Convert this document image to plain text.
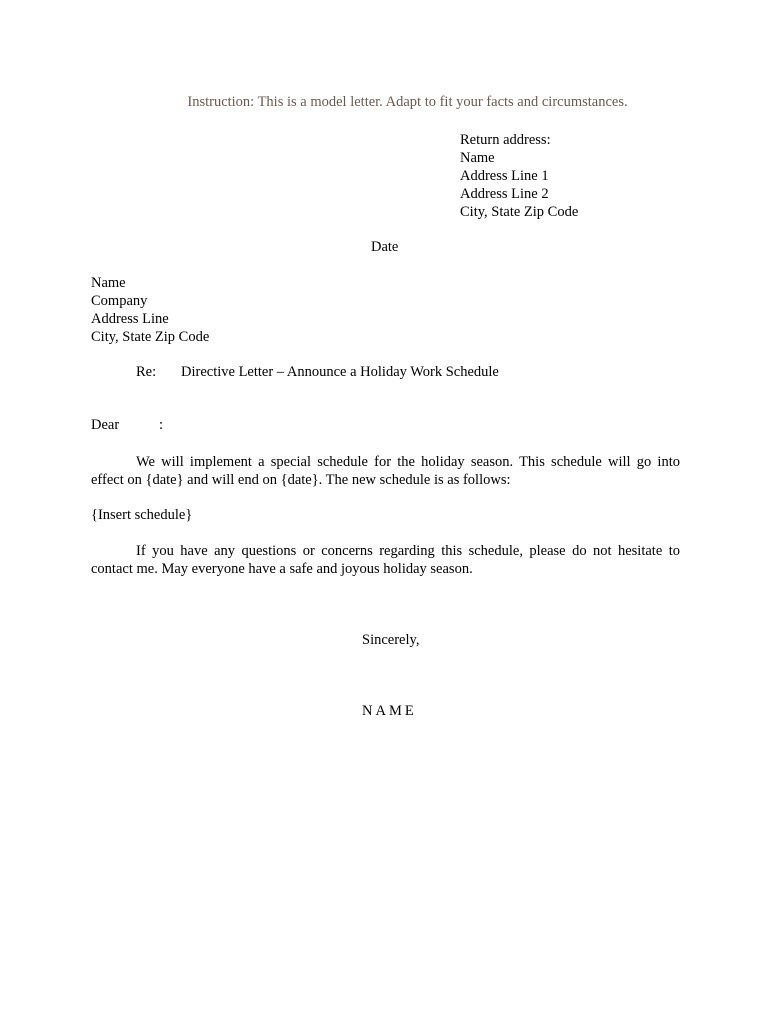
Instruction: This is a model letter. Adapt to fit your facts and circumstances.
Return address:
Name
Address Line 1
Address Line 2
City, State Zip Code
Date
Name
Company
Address Line
City, State Zip Code
Re: Directive Letter – Announce a Holiday Work Schedule
Dear	:
We will implement a special schedule for the holiday season. This schedule will go into effect on {date} and will end on {date}. The new schedule is as follows:
{Insert schedule}
If you have any questions or concerns regarding this schedule, please do not hesitate to contact me. May everyone have a safe and joyous holiday season.
Sincerely,
NAME
